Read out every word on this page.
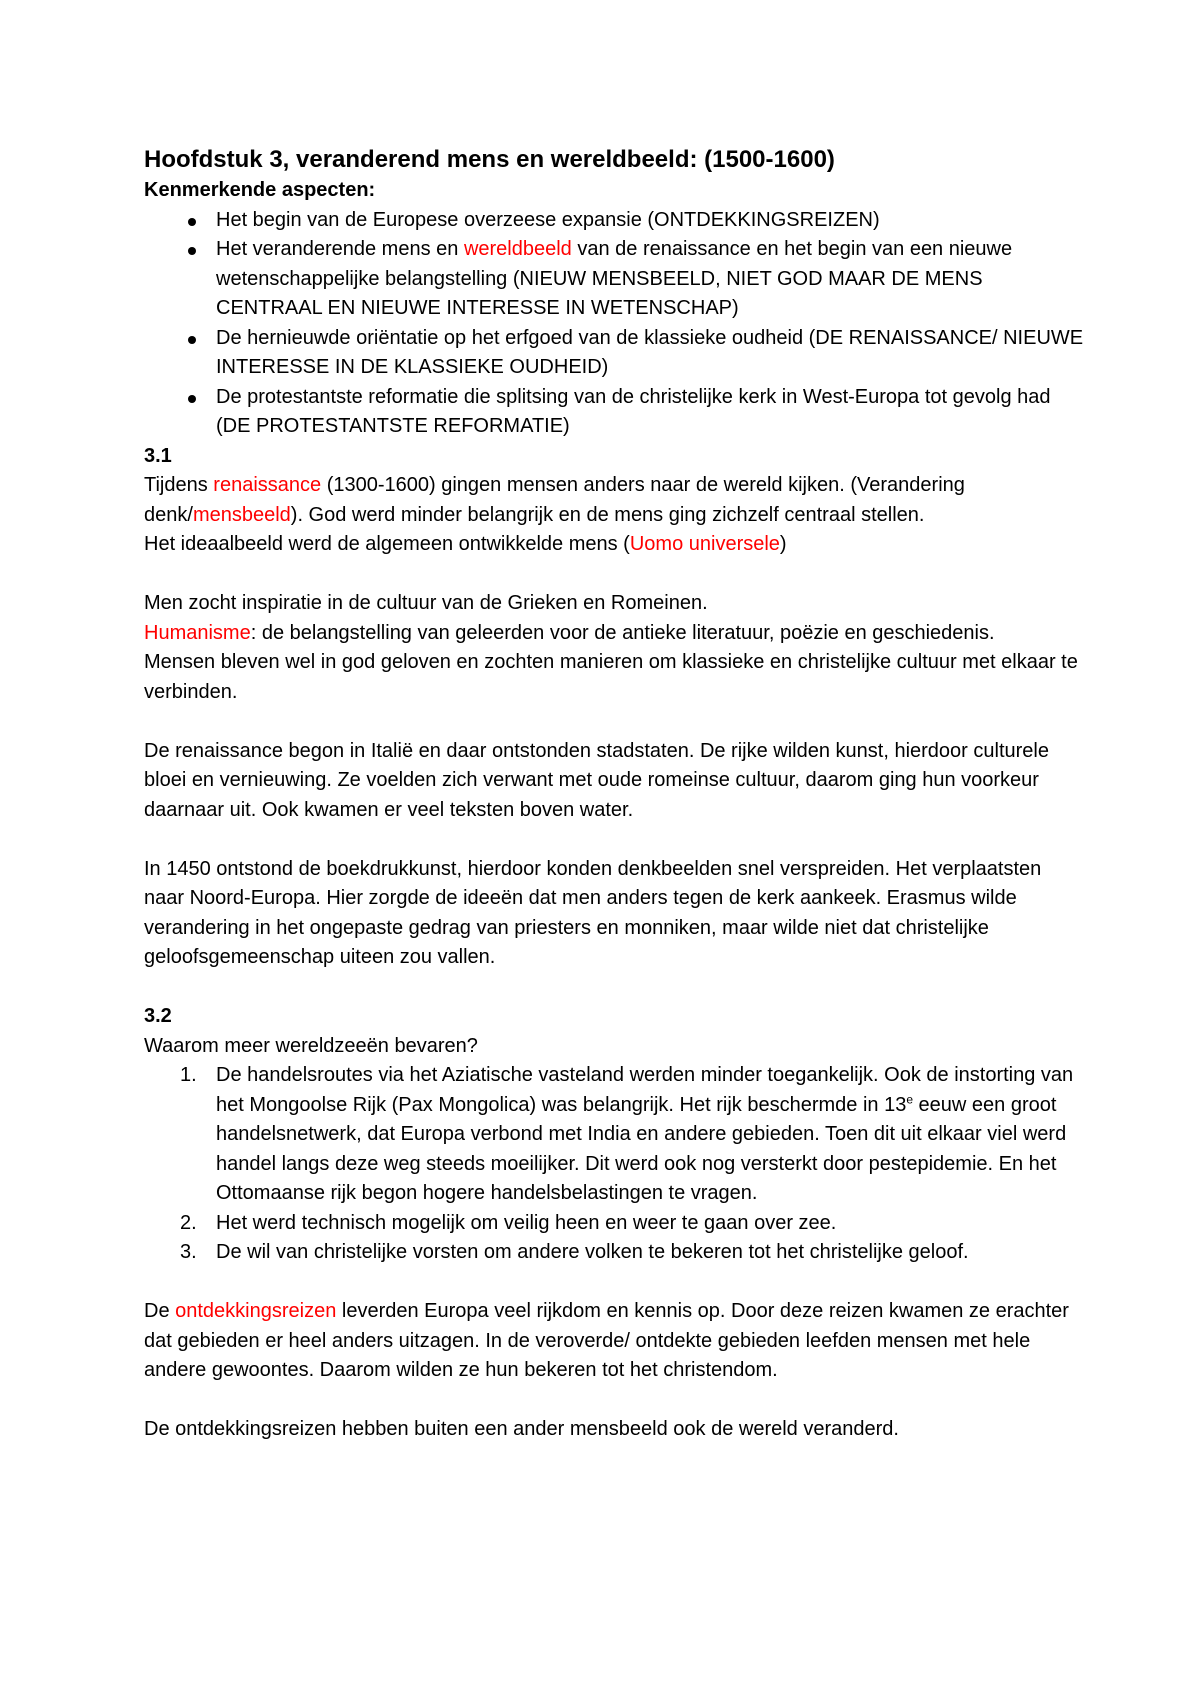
Hoofdstuk 3, veranderend mens en wereldbeeld: (1500-1600)

Kenmerkende aspecten:

Het begin van de Europese overzeese expansie (ONTDEKKINGSREIZEN)
Het veranderende mens en wereldbeeld van de renaissance en het begin van een nieuwe wetenschappelijke belangstelling (NIEUW MENSBEELD, NIET GOD MAAR DE MENS CENTRAAL EN NIEUWE INTERESSE IN WETENSCHAP)
De hernieuwde oriëntatie op het erfgoed van de klassieke oudheid (DE RENAISSANCE/ NIEUWE INTERESSE IN DE KLASSIEKE OUDHEID)
De protestantste reformatie die splitsing van de christelijke kerk in West-Europa tot gevolg had (DE PROTESTANTSTE REFORMATIE)

3.1

Tijdens renaissance (1300-1600) gingen mensen anders naar de wereld kijken. (Verandering denk/mensbeeld). God werd minder belangrijk en de mens ging zichzelf centraal stellen.

Het ideaalbeeld werd de algemeen ontwikkelde mens (Uomo universele)

Men zocht inspiratie in de cultuur van de Grieken en Romeinen.

Humanisme: de belangstelling van geleerden voor de antieke literatuur, poëzie en geschiedenis.

Mensen bleven wel in god geloven en zochten manieren om klassieke en christelijke cultuur met elkaar te verbinden.

De renaissance begon in Italië en daar ontstonden stadstaten. De rijke wilden kunst, hierdoor culturele bloei en vernieuwing. Ze voelden zich verwant met oude romeinse cultuur, daarom ging hun voorkeur daarnaar uit. Ook kwamen er veel teksten boven water.

In 1450 ontstond de boekdrukkunst, hierdoor konden denkbeelden snel verspreiden. Het verplaatsten naar Noord-Europa. Hier zorgde de ideeën dat men anders tegen de kerk aankeek. Erasmus wilde verandering in het ongepaste gedrag van priesters en monniken, maar wilde niet dat christelijke geloofsgemeenschap uiteen zou vallen.

3.2

Waarom meer wereldzeeën bevaren?

1. De handelsroutes via het Aziatische vasteland werden minder toegankelijk. Ook de instorting van het Mongoolse Rijk (Pax Mongolica) was belangrijk. Het rijk beschermde in 13e eeuw een groot handelsnetwerk, dat Europa verbond met India en andere gebieden. Toen dit uit elkaar viel werd handel langs deze weg steeds moeilijker. Dit werd ook nog versterkt door pestepidemie. En het Ottomaanse rijk begon hogere handelsbelastingen te vragen.
2. Het werd technisch mogelijk om veilig heen en weer te gaan over zee.
3. De wil van christelijke vorsten om andere volken te bekeren tot het christelijke geloof.

De ontdekkingsreizen leverden Europa veel rijkdom en kennis op. Door deze reizen kwamen ze erachter dat gebieden er heel anders uitzagen. In de veroverde/ ontdekte gebieden leefden mensen met hele andere gewoontes. Daarom wilden ze hun bekeren tot het christendom.

De ontdekkingsreizen hebben buiten een ander mensbeeld ook de wereld veranderd.
